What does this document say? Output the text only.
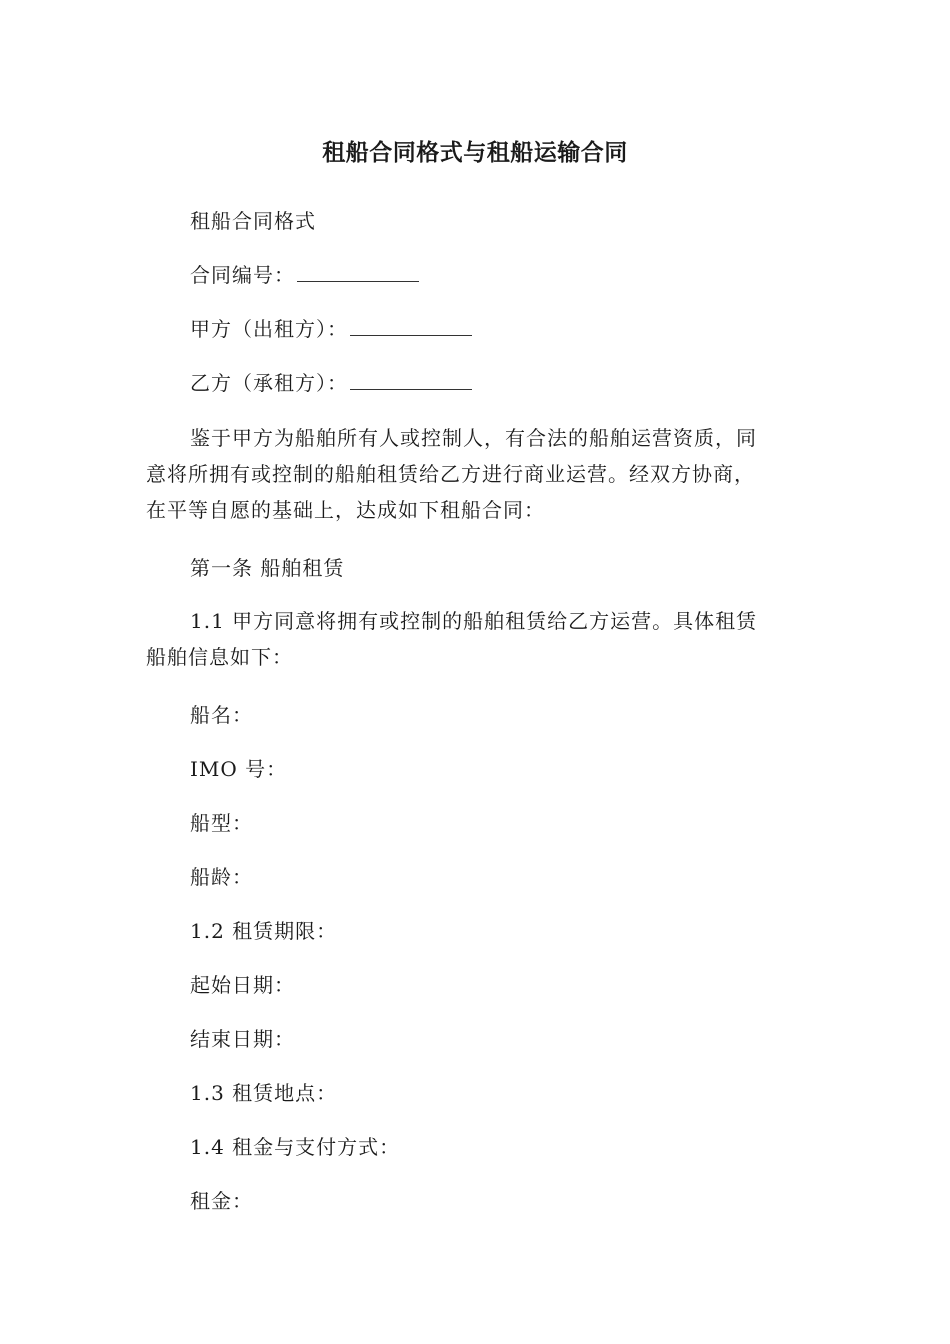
租船合同格式与租船运输合同
租船合同格式
合同编号：
甲方（出租方）：
乙方（承租方）：
鉴于甲方为船舶所有人或控制人，有合法的船舶运营资质，同
意将所拥有或控制的船舶租赁给乙方进行商业运营。经双方协商，
在平等自愿的基础上，达成如下租船合同：
第一条 船舶租赁
1.1 甲方同意将拥有或控制的船舶租赁给乙方运营。具体租赁
船舶信息如下：
船名：
IMO 号：
船型：
船龄：
1.2 租赁期限：
起始日期：
结束日期：
1.3 租赁地点：
1.4 租金与支付方式：
租金：
